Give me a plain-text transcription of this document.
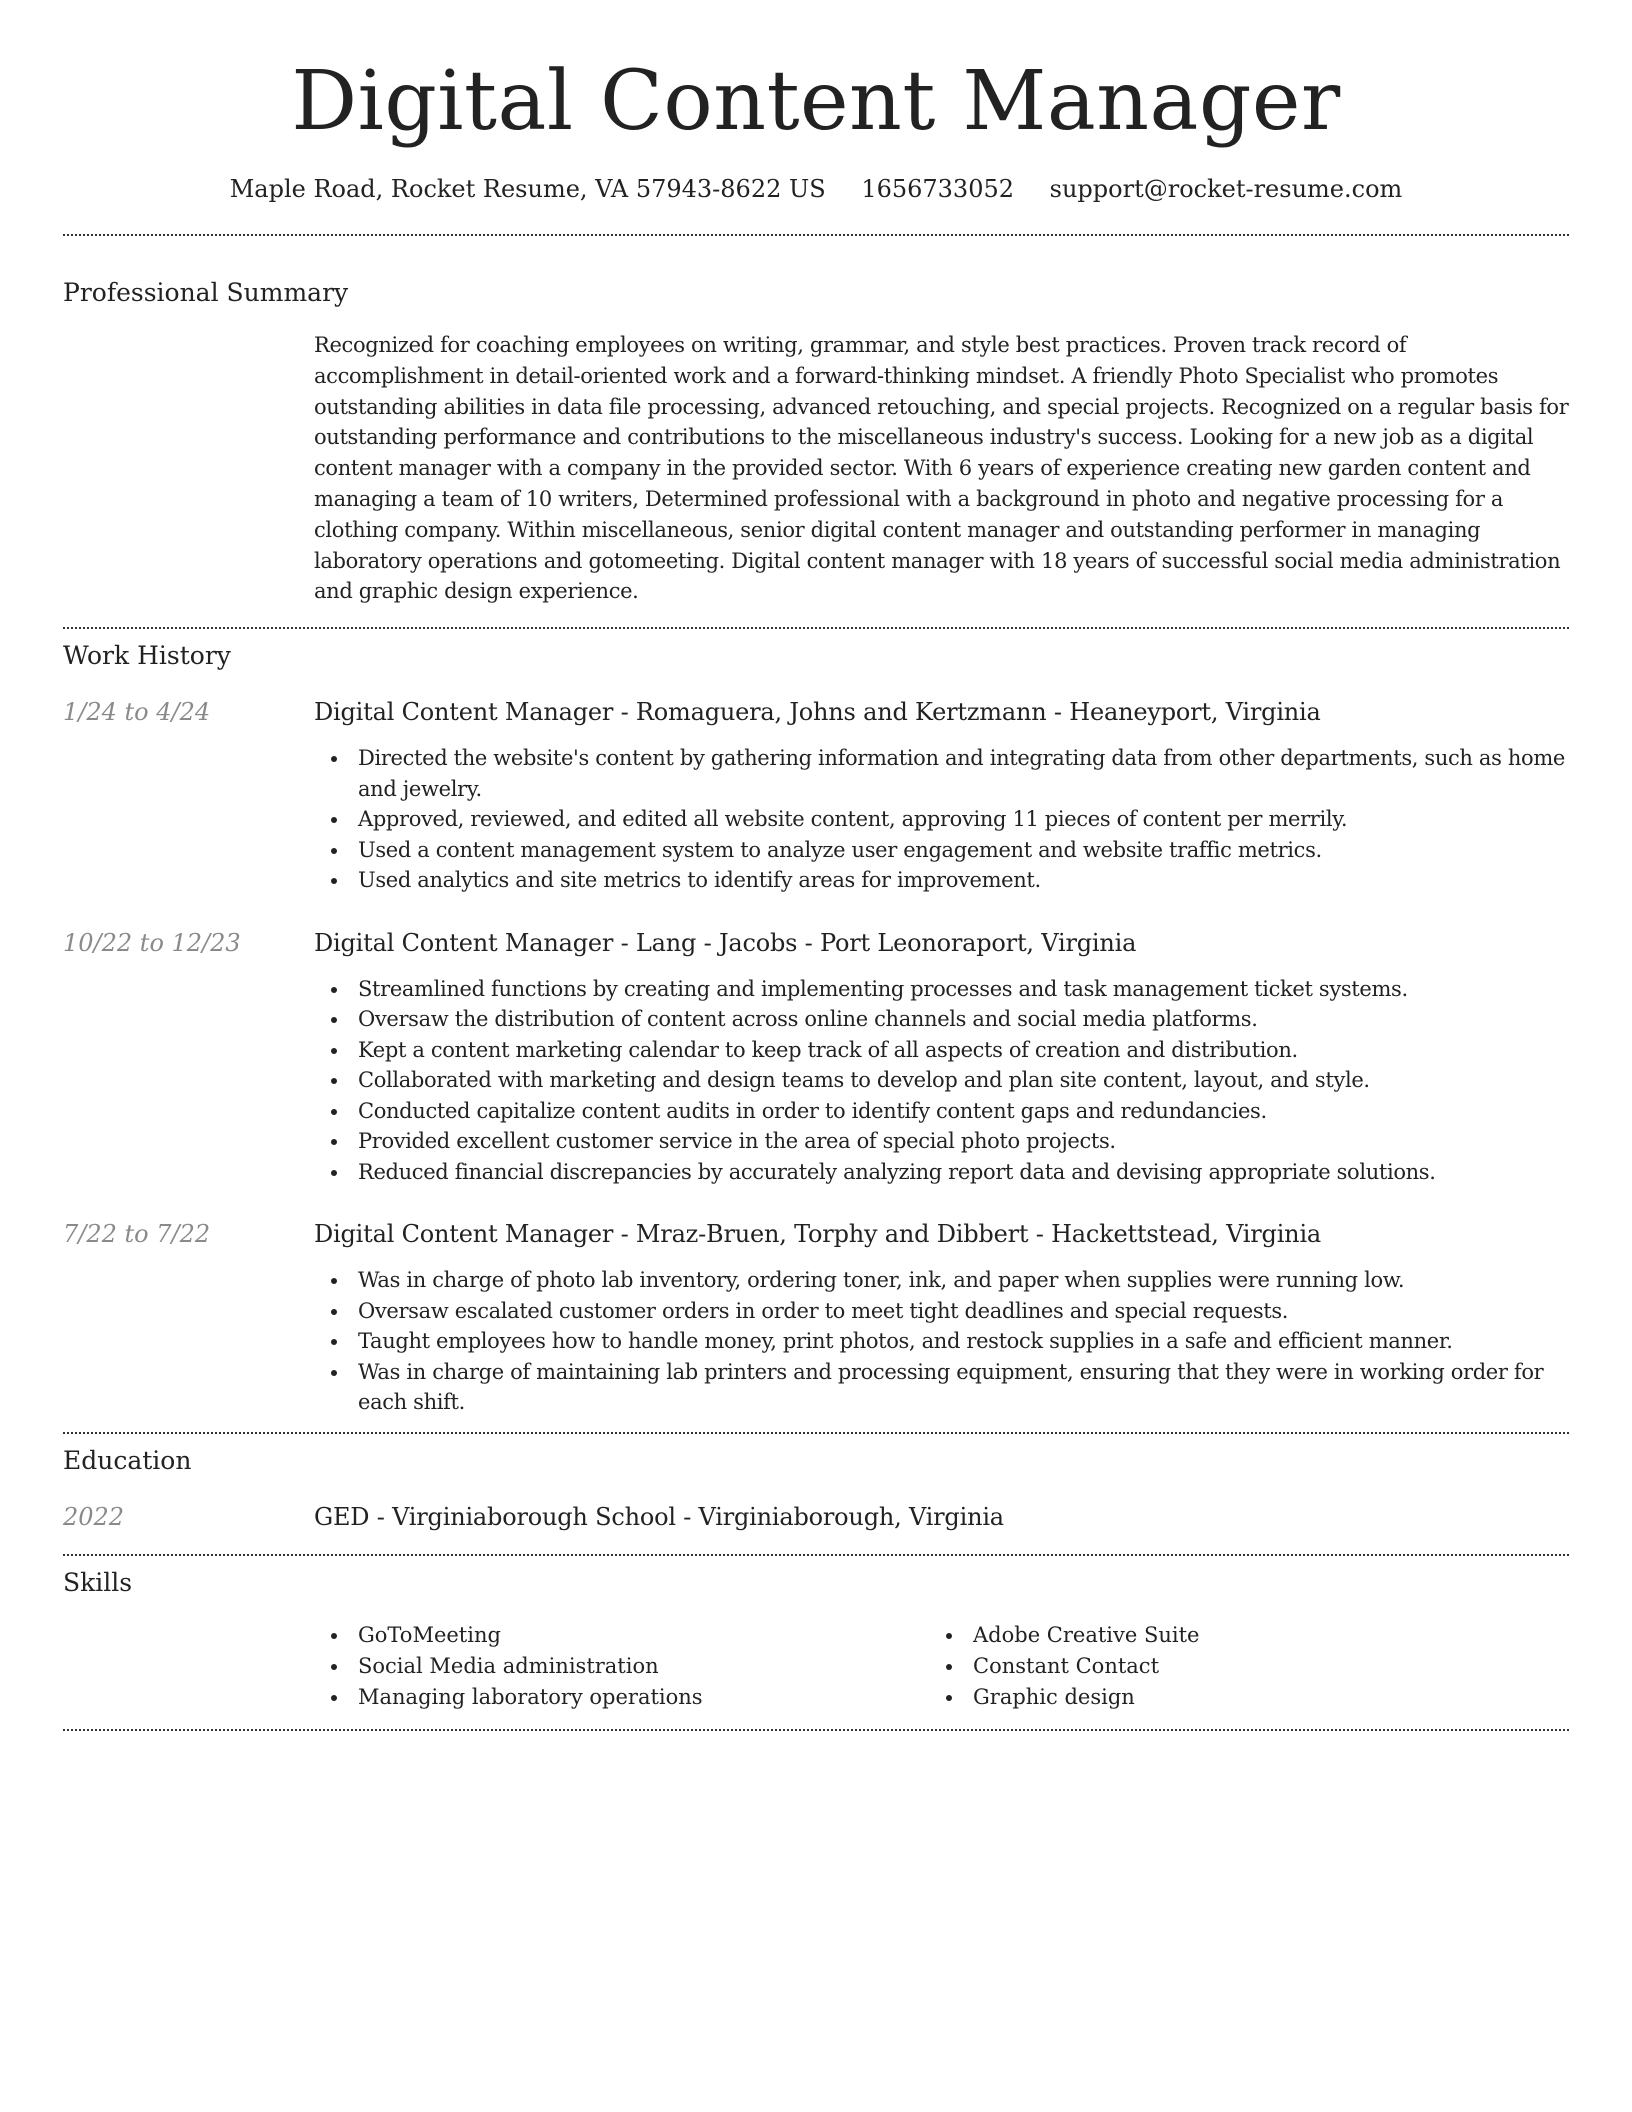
Digital Content Manager
Maple Road, Rocket Resume, VA 57943-8622 US 1656733052 support@rocket-resume.com
Professional Summary
Recognized for coaching employees on writing, grammar, and style best practices. Proven track record of accomplishment in detail-oriented work and a forward-thinking mindset. A friendly Photo Specialist who promotes outstanding abilities in data file processing, advanced retouching, and special projects. Recognized on a regular basis for outstanding performance and contributions to the miscellaneous industry's success. Looking for a new job as a digital content manager with a company in the provided sector. With 6 years of experience creating new garden content and managing a team of 10 writers, Determined professional with a background in photo and negative processing for a clothing company. Within miscellaneous, senior digital content manager and outstanding performer in managing laboratory operations and gotomeeting. Digital content manager with 18 years of successful social media administration and graphic design experience.
Work History
1/24 to 4/24	Digital Content Manager - Romaguera, Johns and Kertzmann - Heaneyport, Virginia
Directed the website's content by gathering information and integrating data from other departments, such as home and jewelry.
Approved, reviewed, and edited all website content, approving 11 pieces of content per merrily.
Used a content management system to analyze user engagement and website traffic metrics.
Used analytics and site metrics to identify areas for improvement.
10/22 to 12/23	Digital Content Manager - Lang - Jacobs - Port Leonoraport, Virginia
Streamlined functions by creating and implementing processes and task management ticket systems.
Oversaw the distribution of content across online channels and social media platforms.
Kept a content marketing calendar to keep track of all aspects of creation and distribution.
Collaborated with marketing and design teams to develop and plan site content, layout, and style.
Conducted capitalize content audits in order to identify content gaps and redundancies.
Provided excellent customer service in the area of special photo projects.
Reduced financial discrepancies by accurately analyzing report data and devising appropriate solutions.
7/22 to 7/22	Digital Content Manager - Mraz-Bruen, Torphy and Dibbert - Hackettstead, Virginia
Was in charge of photo lab inventory, ordering toner, ink, and paper when supplies were running low.
Oversaw escalated customer orders in order to meet tight deadlines and special requests.
Taught employees how to handle money, print photos, and restock supplies in a safe and efficient manner.
Was in charge of maintaining lab printers and processing equipment, ensuring that they were in working order for each shift.
Education
2022	GED - Virginiaborough School - Virginiaborough, Virginia
Skills
GoToMeeting
Social Media administration
Managing laboratory operations
Adobe Creative Suite
Constant Contact
Graphic design
